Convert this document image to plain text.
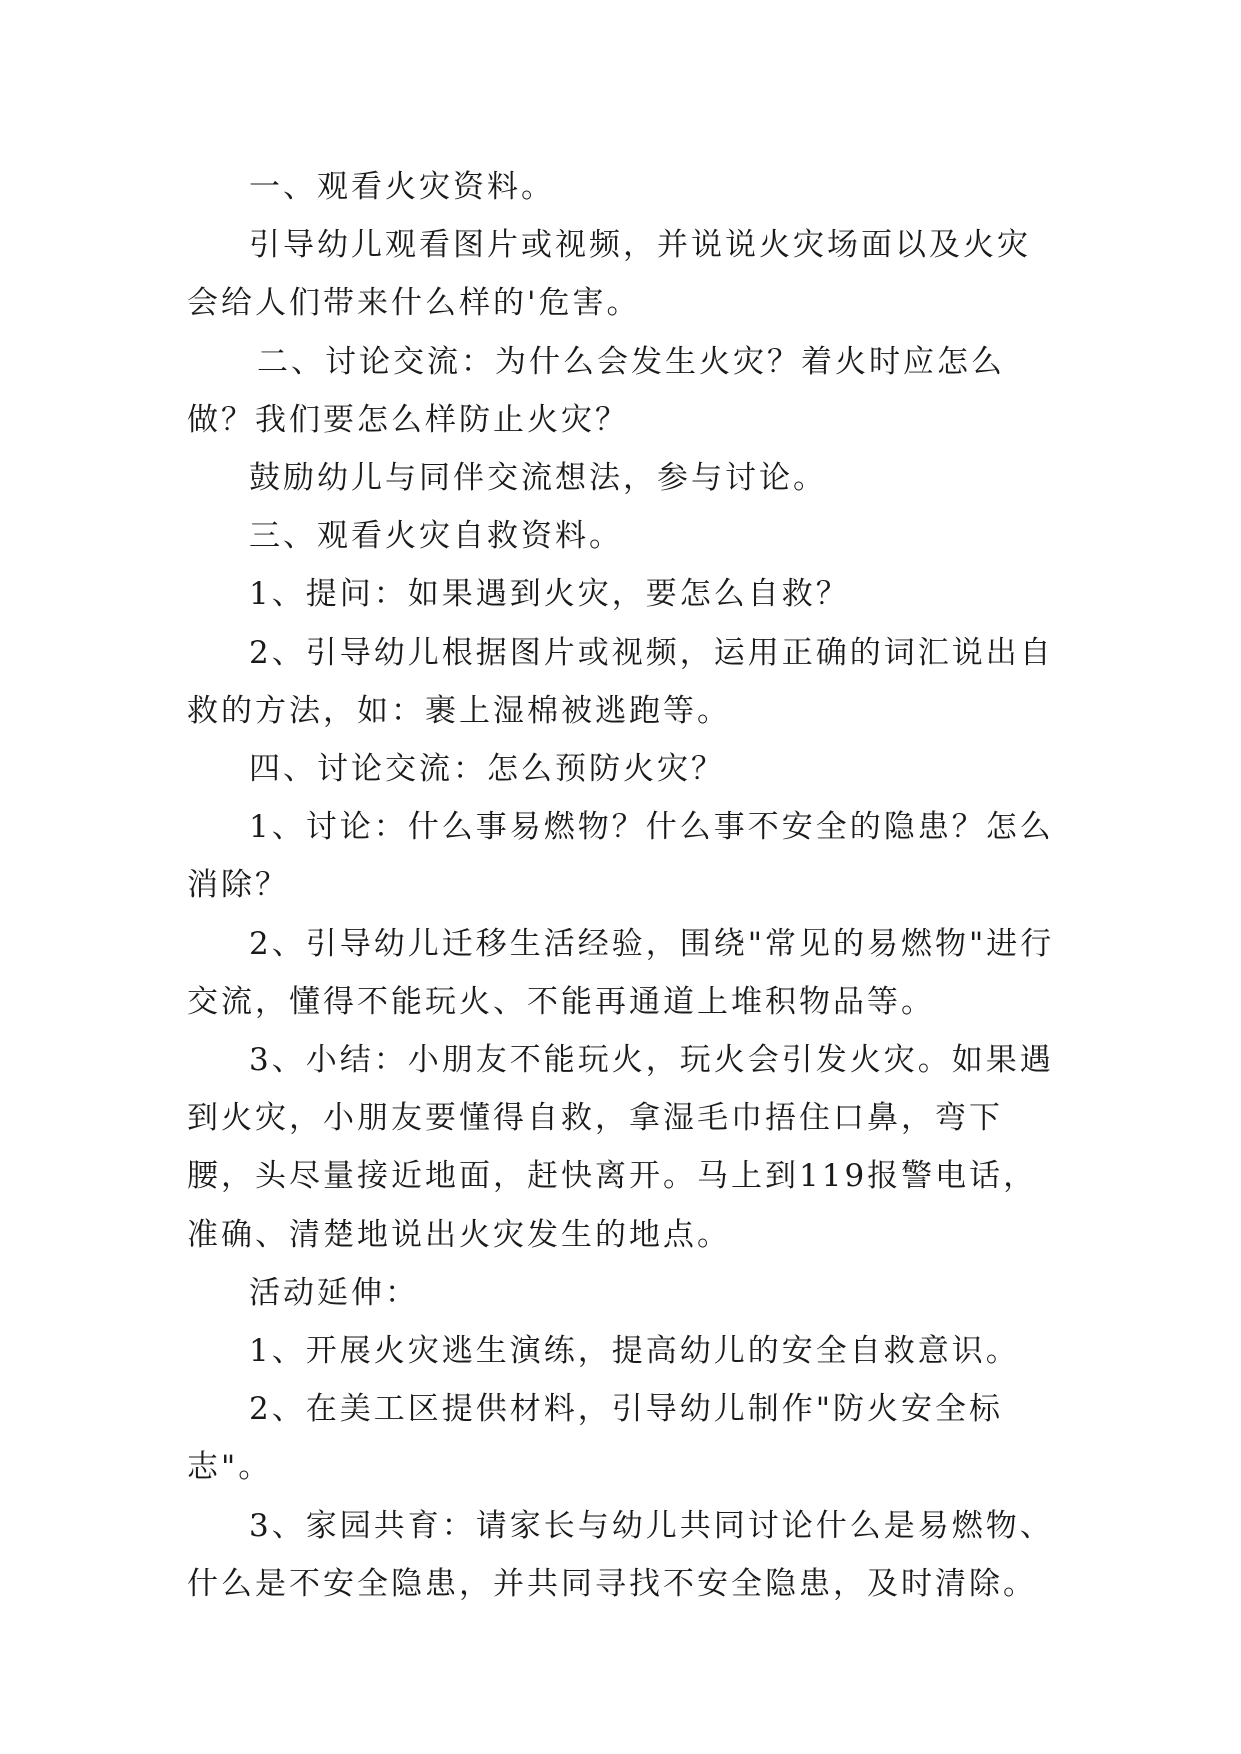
一、观看火灾资料。

引导幼儿观看图片或视频，并说说火灾场面以及火灾会给人们带来什么样的'危害。

二、讨论交流：为什么会发生火灾？着火时应怎么做？我们要怎么样防止火灾？

鼓励幼儿与同伴交流想法，参与讨论。

三、观看火灾自救资料。

1、提问：如果遇到火灾，要怎么自救？

2、引导幼儿根据图片或视频，运用正确的词汇说出自救的方法，如：裹上湿棉被逃跑等。

四、讨论交流：怎么预防火灾？

1、讨论：什么事易燃物？什么事不安全的隐患？怎么消除？

2、引导幼儿迁移生活经验，围绕"常见的易燃物"进行交流，懂得不能玩火、不能再通道上堆积物品等。

3、小结：小朋友不能玩火，玩火会引发火灾。如果遇到火灾，小朋友要懂得自救，拿湿毛巾捂住口鼻，弯下腰，头尽量接近地面，赶快离开。马上到119报警电话，准确、清楚地说出火灾发生的地点。

活动延伸：

1、开展火灾逃生演练，提高幼儿的安全自救意识。

2、在美工区提供材料，引导幼儿制作"防火安全标志"。

3、家园共育：请家长与幼儿共同讨论什么是易燃物、什么是不安全隐患，并共同寻找不安全隐患，及时清除。
